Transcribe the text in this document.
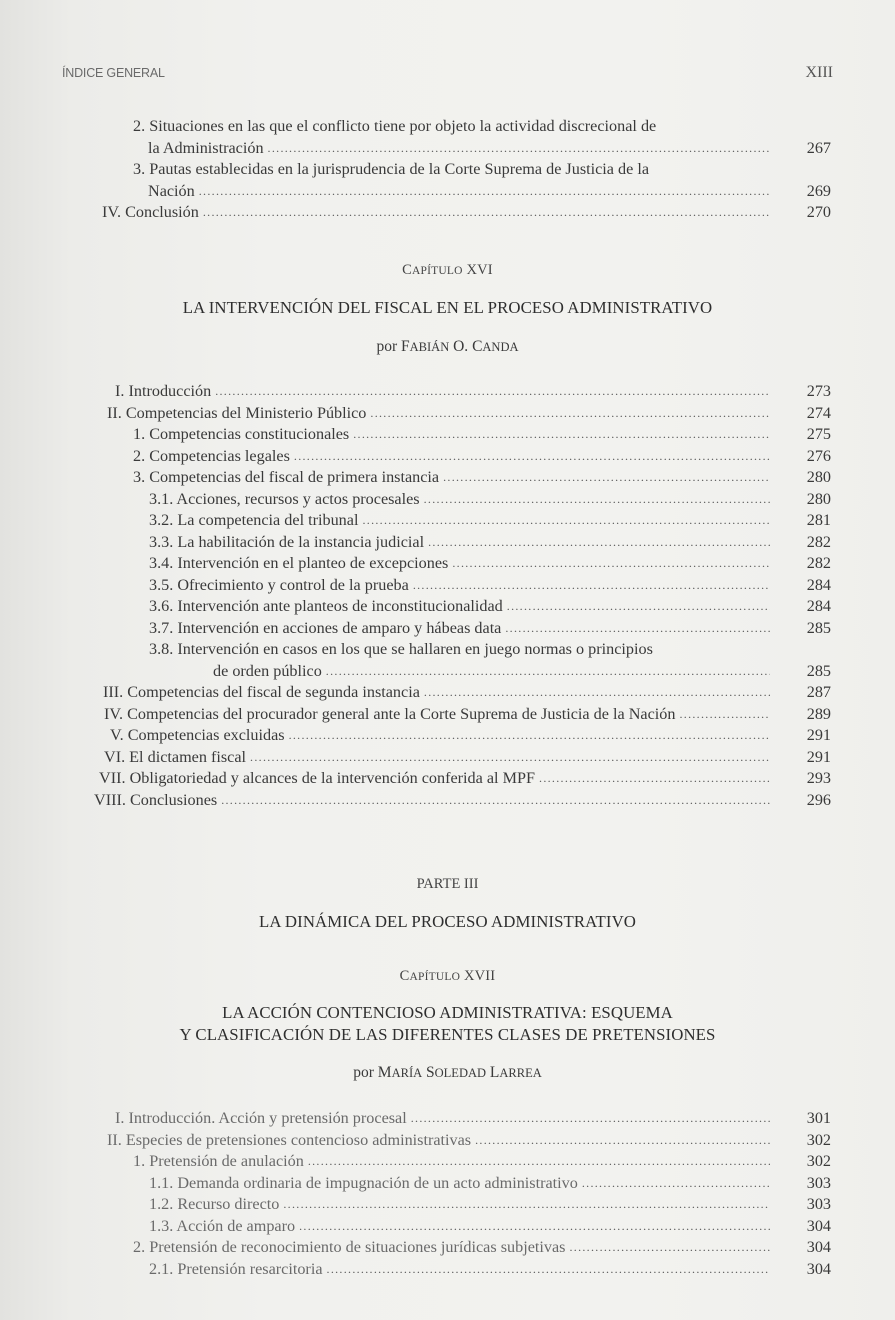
ÍNDICE GENERAL	XIII
2. Situaciones en las que el conflicto tiene por objeto la actividad discrecional de
la Administración .....	267
3. Pautas establecidas en la jurisprudencia de la Corte Suprema de Justicia de la
Nación .....	269
IV. Conclusión .....	270
CAPÍTULO XVI
LA INTERVENCIÓN DEL FISCAL EN EL PROCESO ADMINISTRATIVO
por FABIÁN O. CANDA
I. Introducción .....	273
II. Competencias del Ministerio Público .....	274
1. Competencias constitucionales .....	275
2. Competencias legales .....	276
3. Competencias del fiscal de primera instancia .....	280
3.1. Acciones, recursos y actos procesales .....	280
3.2. La competencia del tribunal .....	281
3.3. La habilitación de la instancia judicial .....	282
3.4. Intervención en el planteo de excepciones .....	282
3.5. Ofrecimiento y control de la prueba .....	284
3.6. Intervención ante planteos de inconstitucionalidad .....	284
3.7. Intervención en acciones de amparo y hábeas data .....	285
3.8. Intervención en casos en los que se hallaren en juego normas o principios
de orden público .....	285
III. Competencias del fiscal de segunda instancia .....	287
IV. Competencias del procurador general ante la Corte Suprema de Justicia de la Nación .....	289
V. Competencias excluidas .....	291
VI. El dictamen fiscal .....	291
VII. Obligatoriedad y alcances de la intervención conferida al MPF .....	293
VIII. Conclusiones .....	296
PARTE III
LA DINÁMICA DEL PROCESO ADMINISTRATIVO
CAPÍTULO XVII
LA ACCIÓN CONTENCIOSO ADMINISTRATIVA: ESQUEMA
Y CLASIFICACIÓN DE LAS DIFERENTES CLASES DE PRETENSIONES
por MARÍA SOLEDAD LARREA
I. Introducción. Acción y pretensión procesal .....	301
II. Especies de pretensiones contencioso administrativas .....	302
1. Pretensión de anulación .....	302
1.1. Demanda ordinaria de impugnación de un acto administrativo .....	303
1.2. Recurso directo .....	303
1.3. Acción de amparo .....	304
2. Pretensión de reconocimiento de situaciones jurídicas subjetivas .....	304
2.1. Pretensión resarcitoria .....	304
